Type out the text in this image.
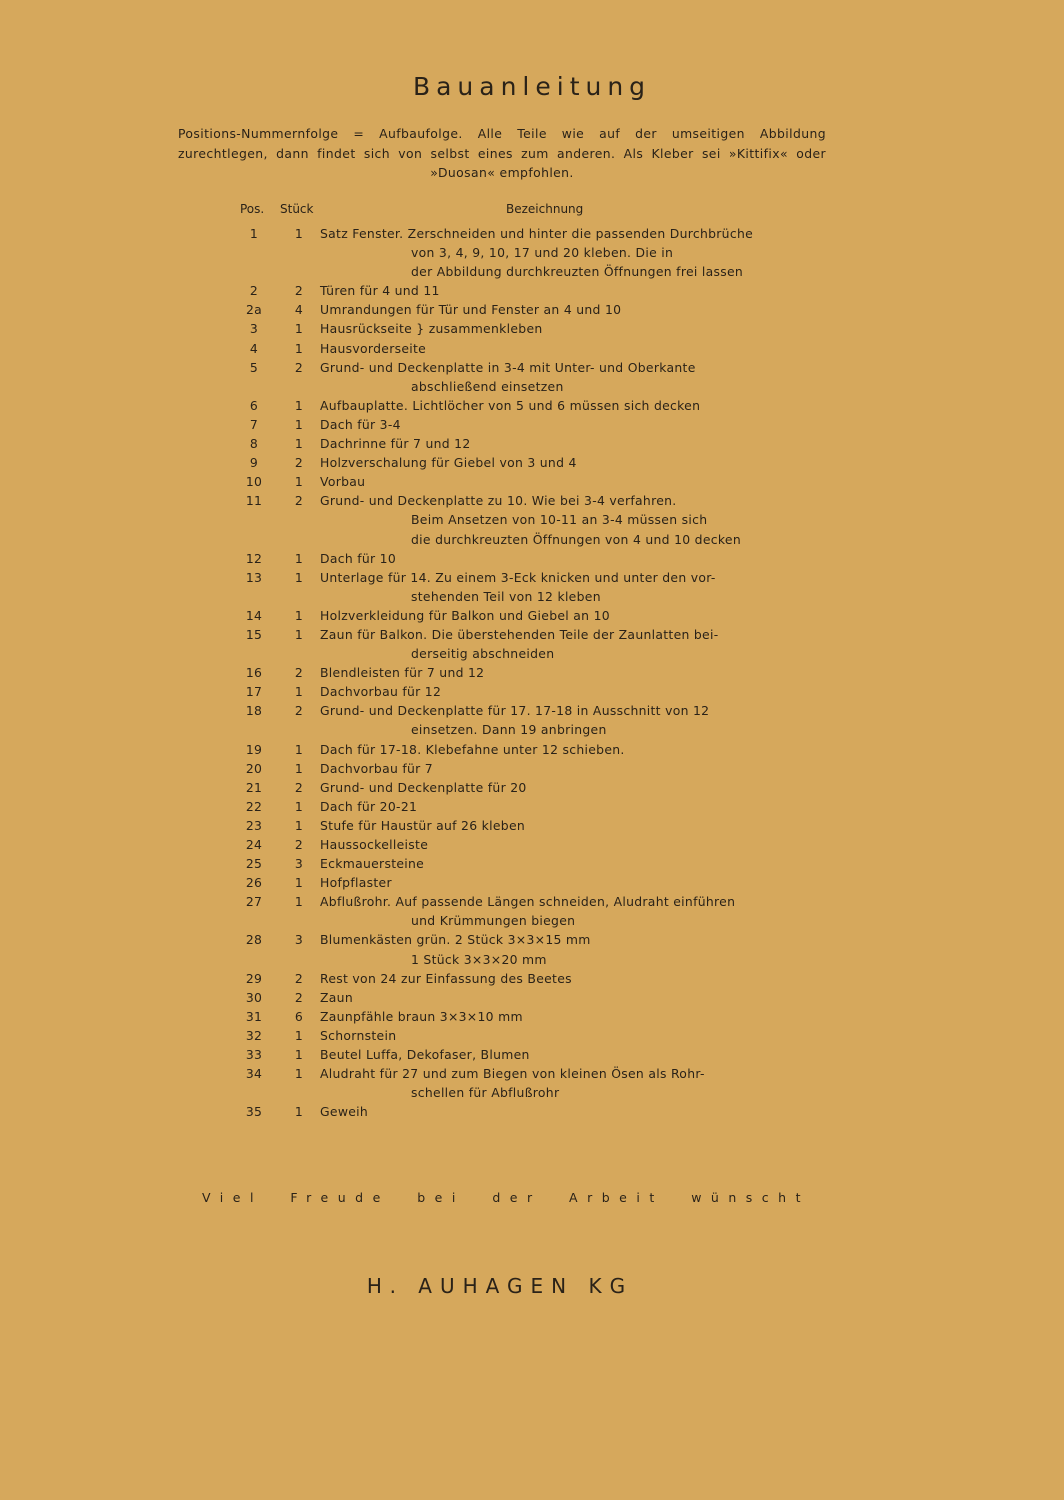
Bauanleitung
Positions-Nummernfolge = Aufbaufolge. Alle Teile wie auf der umseitigen Abbildung
zurechtlegen, dann findet sich von selbst eines zum anderen. Als Kleber sei »Kittifix« oder
»Duosan« empfohlen.
Pos. Stück	Bezeichnung
1	1	Satz Fenster. Zerschneiden und hinter die passenden Durchbrüche
von 3, 4, 9, 10, 17 und 20 kleben. Die in
der Abbildung durchkreuzten Öffnungen frei lassen
2	2	Türen für 4 und 11
2a	4	Umrandungen für Tür und Fenster an 4 und 10
3	1	Hausrückseite } zusammenkleben
4	1	Hausvorderseite
5	2	Grund- und Deckenplatte in 3-4 mit Unter- und Oberkante
abschließend einsetzen
6	1	Aufbauplatte. Lichtlöcher von 5 und 6 müssen sich decken
7	1	Dach für 3-4
8	1	Dachrinne für 7 und 12
9	2	Holzverschalung für Giebel von 3 und 4
10	1	Vorbau
11	2	Grund- und Deckenplatte zu 10. Wie bei 3-4 verfahren.
Beim Ansetzen von 10-11 an 3-4 müssen sich
die durchkreuzten Öffnungen von 4 und 10 decken
12	1	Dach für 10
13	1	Unterlage für 14. Zu einem 3-Eck knicken und unter den vor-
stehenden Teil von 12 kleben
14	1	Holzverkleidung für Balkon und Giebel an 10
15	1	Zaun für Balkon. Die überstehenden Teile der Zaunlatten bei-
derseitig abschneiden
16	2	Blendleisten für 7 und 12
17	1	Dachvorbau für 12
18	2	Grund- und Deckenplatte für 17. 17-18 in Ausschnitt von 12
einsetzen. Dann 19 anbringen
19	1	Dach für 17-18. Klebefahne unter 12 schieben.
20	1	Dachvorbau für 7
21	2	Grund- und Deckenplatte für 20
22	1	Dach für 20-21
23	1	Stufe für Haustür auf 26 kleben
24	2	Haussockelleiste
25	3	Eckmauersteine
26	1	Hofpflaster
27	1	Abflußrohr. Auf passende Längen schneiden, Aludraht einführen
und Krümmungen biegen
28	3	Blumenkästen grün. 2 Stück 3×3×15 mm
1 Stück 3×3×20 mm
29	2	Rest von 24 zur Einfassung des Beetes
30	2	Zaun
31	6	Zaunpfähle braun 3×3×10 mm
32	1	Schornstein
33	1	Beutel Luffa, Dekofaser, Blumen
34	1	Aludraht für 27 und zum Biegen von kleinen Ösen als Rohr-
schellen für Abflußrohr
35	1	Geweih
Viel Freude bei der Arbeit wünscht
H. AUHAGEN KG
